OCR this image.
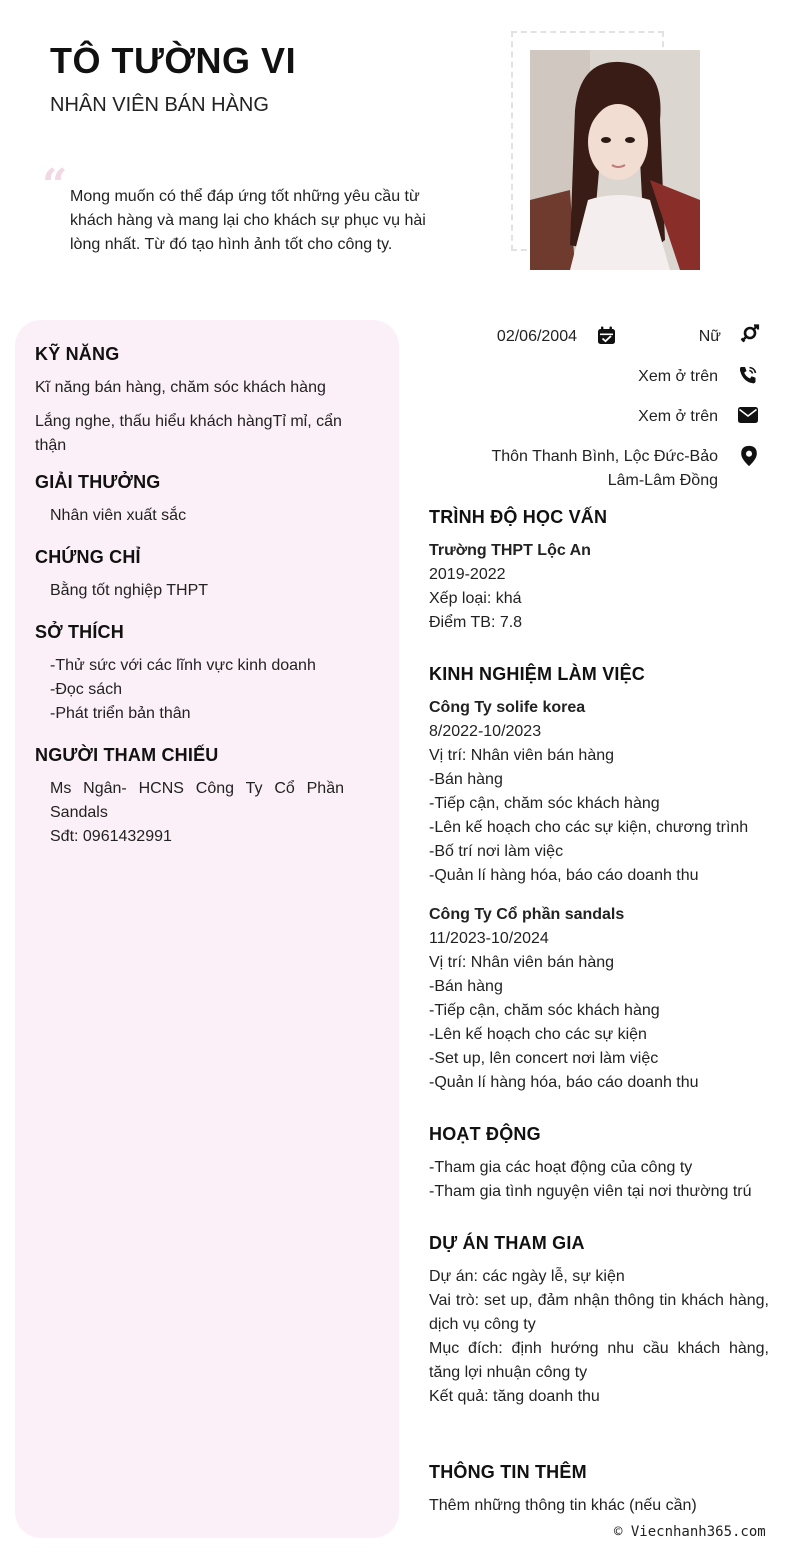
TÔ TƯỜNG VI
NHÂN VIÊN BÁN HÀNG
“ Mong muốn có thể đáp ứng tốt những yêu cầu từ khách hàng và mang lại cho khách sự phục vụ hài lòng nhất. Từ đó tạo hình ảnh tốt cho công ty.
KỸ NĂNG
Kĩ năng bán hàng, chăm sóc khách hàng
Lắng nghe, thấu hiểu khách hàngTỉ mỉ, cẩn thận
GIẢI THƯỞNG
Nhân viên xuất sắc
CHỨNG CHỈ
Bằng tốt nghiệp THPT
SỞ THÍCH
-Thử sức với các lĩnh vực kinh doanh
-Đọc sách
-Phát triển bản thân
NGƯỜI THAM CHIẾU
Ms Ngân- HCNS Công Ty Cổ Phần Sandals
Sđt: 0961432991
02/06/2004	Nữ
Xem ở trên
Xem ở trên
Thôn Thanh Bình, Lộc Đức-Bảo
Lâm-Lâm Đồng
TRÌNH ĐỘ HỌC VẤN
Trường THPT Lộc An
2019-2022
Xếp loại: khá
Điểm TB: 7.8
KINH NGHIỆM LÀM VIỆC
Công Ty solife korea
8/2022-10/2023
Vị trí: Nhân viên bán hàng
-Bán hàng
-Tiếp cận, chăm sóc khách hàng
-Lên kế hoạch cho các sự kiện, chương trình
-Bố trí nơi làm việc
-Quản lí hàng hóa, báo cáo doanh thu
Công Ty Cổ phần sandals
11/2023-10/2024
Vị trí: Nhân viên bán hàng
-Bán hàng
-Tiếp cận, chăm sóc khách hàng
-Lên kế hoạch cho các sự kiện
-Set up, lên concert nơi làm việc
-Quản lí hàng hóa, báo cáo doanh thu
HOẠT ĐỘNG
-Tham gia các hoạt động của công ty
-Tham gia tình nguyện viên tại nơi thường trú
DỰ ÁN THAM GIA
Dự án: các ngày lễ, sự kiện
Vai trò: set up, đảm nhận thông tin khách hàng, dịch vụ công ty
Mục đích: định hướng nhu cầu khách hàng, tăng lợi nhuận công ty
Kết quả: tăng doanh thu
THÔNG TIN THÊM
Thêm những thông tin khác (nếu cần)
© Viecnhanh365.com
